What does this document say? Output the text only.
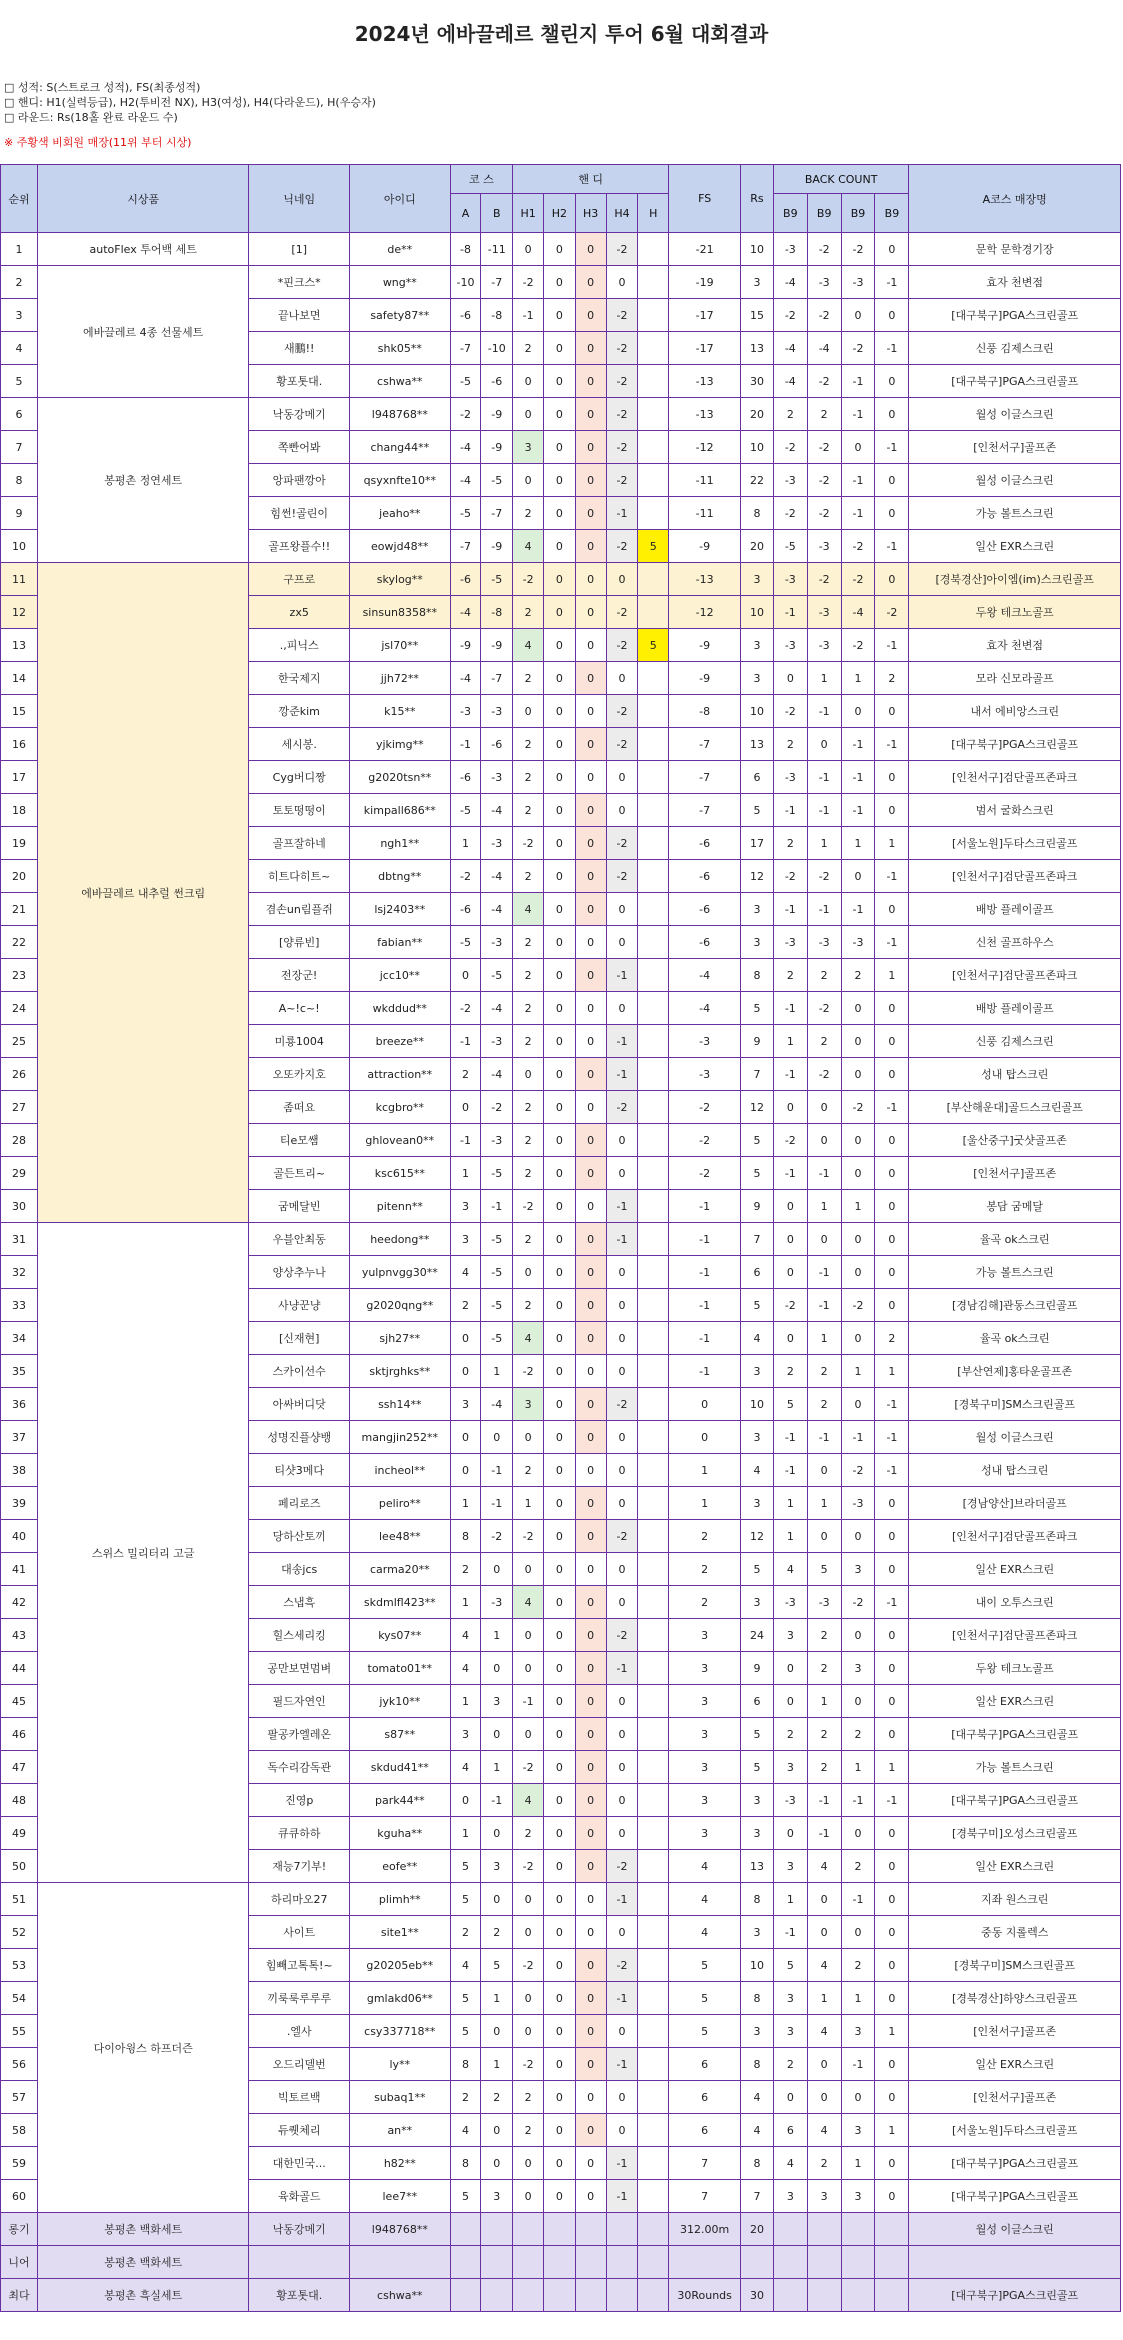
2024년 에바끌레르 챌린지 투어 6월 대회결과
□ 성적: S(스트로크 성적), FS(최종성적)
□ 핸디: H1(실력등급), H2(투비전 NX), H3(여성), H4(다라운드), H(우승자)
□ 라운드: Rs(18홀 완료 라운드 수)
※ 주황색 비회원 매장(11위 부터 시상)
순위	시상품	닉네임	아이디	코 스		핸 디					FS	Rs	BACK COUNT				A코스 매장명
				A	B	H1	H2	H3	H4	H			B9	B9	B9	B9	
1	autoFlex 투어백 세트	[1]	de**	-8	-11	0	0	0	-2		-21	10	-3	-2	-2	0	문학 문학경기장
2	에바끌레르 4종 선물세트	*핀크스*	wng**	-10	-7	-2	0	0	0		-19	3	-4	-3	-3	-1	효자 천변점
3		끝나보면	safety87**	-6	-8	-1	0	0	-2		-17	15	-2	-2	0	0	[대구북구]PGA스크린골프
4		새鵬!!	shk05**	-7	-10	2	0	0	-2		-17	13	-4	-4	-2	-1	신풍 김제스크린
5		황포톳대.	cshwa**	-5	-6	0	0	0	-2		-13	30	-4	-2	-1	0	[대구북구]PGA스크린골프
6	봉평촌 정연세트	낙동강메기	l948768**	-2	-9	0	0	0	-2		-13	20	2	2	-1	0	월성 이글스크린
7		쪽빤어봐	chang44**	-4	-9	3	0	0	-2		-12	10	-2	-2	0	-1	[인천서구]골프존
8		앙파팬깡아	qsyxnfte10**	-4	-5	0	0	0	-2		-11	22	-3	-2	-1	0	월성 이글스크린
9		힘썬!골린이	jeaho**	-5	-7	2	0	0	-1		-11	8	-2	-2	-1	0	가능 볼트스크린
10		골프왕플수!!	eowjd48**	-7	-9	4	0	0	-2	5	-9	20	-5	-3	-2	-1	일산 EXR스크린
11	에바끌레르 내추럴 썬크림	구프로	skylog**	-6	-5	-2	0	0	0		-13	3	-3	-2	-2	0	[경북경산]아이엠(im)스크린골프
12		zx5	sinsun8358**	-4	-8	2	0	0	-2		-12	10	-1	-3	-4	-2	두왕 테크노골프
13		.,피닉스	jsl70**	-9	-9	4	0	0	-2	5	-9	3	-3	-3	-2	-1	효자 천변점
14		한국제지	jjh72**	-4	-7	2	0	0	0		-9	3	0	1	1	2	모라 신모라골프
15		깡준kim	k15**	-3	-3	0	0	0	-2		-8	10	-2	-1	0	0	내서 에비앙스크린
16		세시봉.	yjkimg**	-1	-6	2	0	0	-2		-7	13	2	0	-1	-1	[대구북구]PGA스크린골프
17		Cyg버디짱	g2020tsn**	-6	-3	2	0	0	0		-7	6	-3	-1	-1	0	[인천서구]검단골프존파크
18		토토떵떵이	kimpall686**	-5	-4	2	0	0	0		-7	5	-1	-1	-1	0	범서 굴화스크린
19		골프잘하네	ngh1**	1	-3	-2	0	0	-2		-6	17	2	1	1	1	[서울노원]두타스크린골프
20		히트다히트~	dbtng**	-2	-4	2	0	0	-2		-6	12	-2	-2	0	-1	[인천서구]검단골프존파크
21		겸손un림플쥐	lsj2403**	-6	-4	4	0	0	0		-6	3	-1	-1	-1	0	배방 플레이골프
22		[양류빈]	fabian**	-5	-3	2	0	0	0		-6	3	-3	-3	-3	-1	신천 골프하우스
23		전장군!	jcc10**	0	-5	2	0	0	-1		-4	8	2	2	2	1	[인천서구]검단골프존파크
24		A~!c~!	wkddud**	-2	-4	2	0	0	0		-4	5	-1	-2	0	0	배방 플레이골프
25		미룡1004	breeze**	-1	-3	2	0	0	-1		-3	9	1	2	0	0	신풍 김제스크린
26		오또카지호	attraction**	2	-4	0	0	0	-1		-3	7	-1	-2	0	0	성내 탑스크린
27		좀떠요	kcgbro**	0	-2	2	0	0	-2		-2	12	0	0	-2	-1	[부산해운대]골드스크린골프
28		티e모쌤	ghlovean0**	-1	-3	2	0	0	0		-2	5	-2	0	0	0	[울산중구]굿샷골프존
29		골든트리~	ksc615**	1	-5	2	0	0	0		-2	5	-1	-1	0	0	[인천서구]골프존
30		굼메달빈	pitenn**	3	-1	-2	0	0	-1		-1	9	0	1	1	0	봉담 굼메달
31	스위스 밀리터리 고글	우블안최동	heedong**	3	-5	2	0	0	-1		-1	7	0	0	0	0	율곡 ok스크린
32		양상추누나	yulpnvgg30**	4	-5	0	0	0	0		-1	6	0	-1	0	0	가능 볼트스크린
33		사냥꾼냥	g2020qng**	2	-5	2	0	0	0		-1	5	-2	-1	-2	0	[경남김해]관동스크린골프
34		[신재현]	sjh27**	0	-5	4	0	0	0		-1	4	0	1	0	2	율곡 ok스크린
35		스카이선수	sktjrghks**	0	1	-2	0	0	0		-1	3	2	2	1	1	[부산연제]홍타운골프존
36		아싸버디닷	ssh14**	3	-4	3	0	0	-2		0	10	5	2	0	-1	[경북구미]SM스크린골프
37		성명진플샹뱅	mangjin252**	0	0	0	0	0	0		0	3	-1	-1	-1	-1	월성 이글스크린
38		티샷3메다	incheol**	0	-1	2	0	0	0		1	4	-1	0	-2	-1	성내 탑스크린
39		페리로즈	peliro**	1	-1	1	0	0	0		1	3	1	1	-3	0	[경남양산]브라더골프
40		당하산토끼	lee48**	8	-2	-2	0	0	-2		2	12	1	0	0	0	[인천서구]검단골프존파크
41		대송jcs	carma20**	2	0	0	0	0	0		2	5	4	5	3	0	일산 EXR스크린
42		스냅흑	skdmlfl423**	1	-3	4	0	0	0		2	3	-3	-3	-2	-1	내이 오투스크린
43		힐스세리킹	kys07**	4	1	0	0	0	-2		3	24	3	2	0	0	[인천서구]검단골프존파크
44		공만보면멈벼	tomato01**	4	0	0	0	0	-1		3	9	0	2	3	0	두왕 테크노골프
45		필드자연인	jyk10**	1	3	-1	0	0	0		3	6	0	1	0	0	일산 EXR스크린
46		팔공카엘레온	s87**	3	0	0	0	0	0		3	5	2	2	2	0	[대구북구]PGA스크린골프
47		독수리감독관	skdud41**	4	1	-2	0	0	0		3	5	3	2	1	1	가능 볼트스크린
48		진영p	park44**	0	-1	4	0	0	0		3	3	-3	-1	-1	-1	[대구북구]PGA스크린골프
49		큐큐하하	kguha**	1	0	2	0	0	0		3	3	0	-1	0	0	[경북구미]오성스크린골프
50		재능7기부!	eofe**	5	3	-2	0	0	-2		4	13	3	4	2	0	일산 EXR스크린
51	다이아윙스 하프더즌	하리마오27	plimh**	5	0	0	0	0	-1		4	8	1	0	-1	0	지좌 원스크린
52		사이트	site1**	2	2	0	0	0	0		4	3	-1	0	0	0	중동 지롤렉스
53		힘빼고톡톡!~	g20205eb**	4	5	-2	0	0	-2		5	10	5	4	2	0	[경북구미]SM스크린골프
54		끼룩룩루루루	gmlakd06**	5	1	0	0	0	-1		5	8	3	1	1	0	[경북경산]하양스크린골프
55		.엘사	csy337718**	5	0	0	0	0	0		5	3	3	4	3	1	[인천서구]골프존
56		오드리델번	ly**	8	1	-2	0	0	-1		6	8	2	0	-1	0	일산 EXR스크린
57		빅토르백	subaq1**	2	2	2	0	0	0		6	4	0	0	0	0	[인천서구]골프존
58		듀퀫체리	an**	4	0	2	0	0	0		6	4	6	4	3	1	[서울노원]두타스크린골프
59		대한민국...	h82**	8	0	0	0	0	-1		7	8	4	2	1	0	[대구북구]PGA스크린골프
60		육화골드	lee7**	5	3	0	0	0	-1		7	7	3	3	3	0	[대구북구]PGA스크린골프
롱기	봉평촌 백화세트	낙동강메기	l948768**								312.00m	20					월성 이글스크린
니어	봉평촌 백화세트																
최다	봉평촌 흑실세트	황포톳대.	cshwa**								30Rounds	30					[대구북구]PGA스크린골프
